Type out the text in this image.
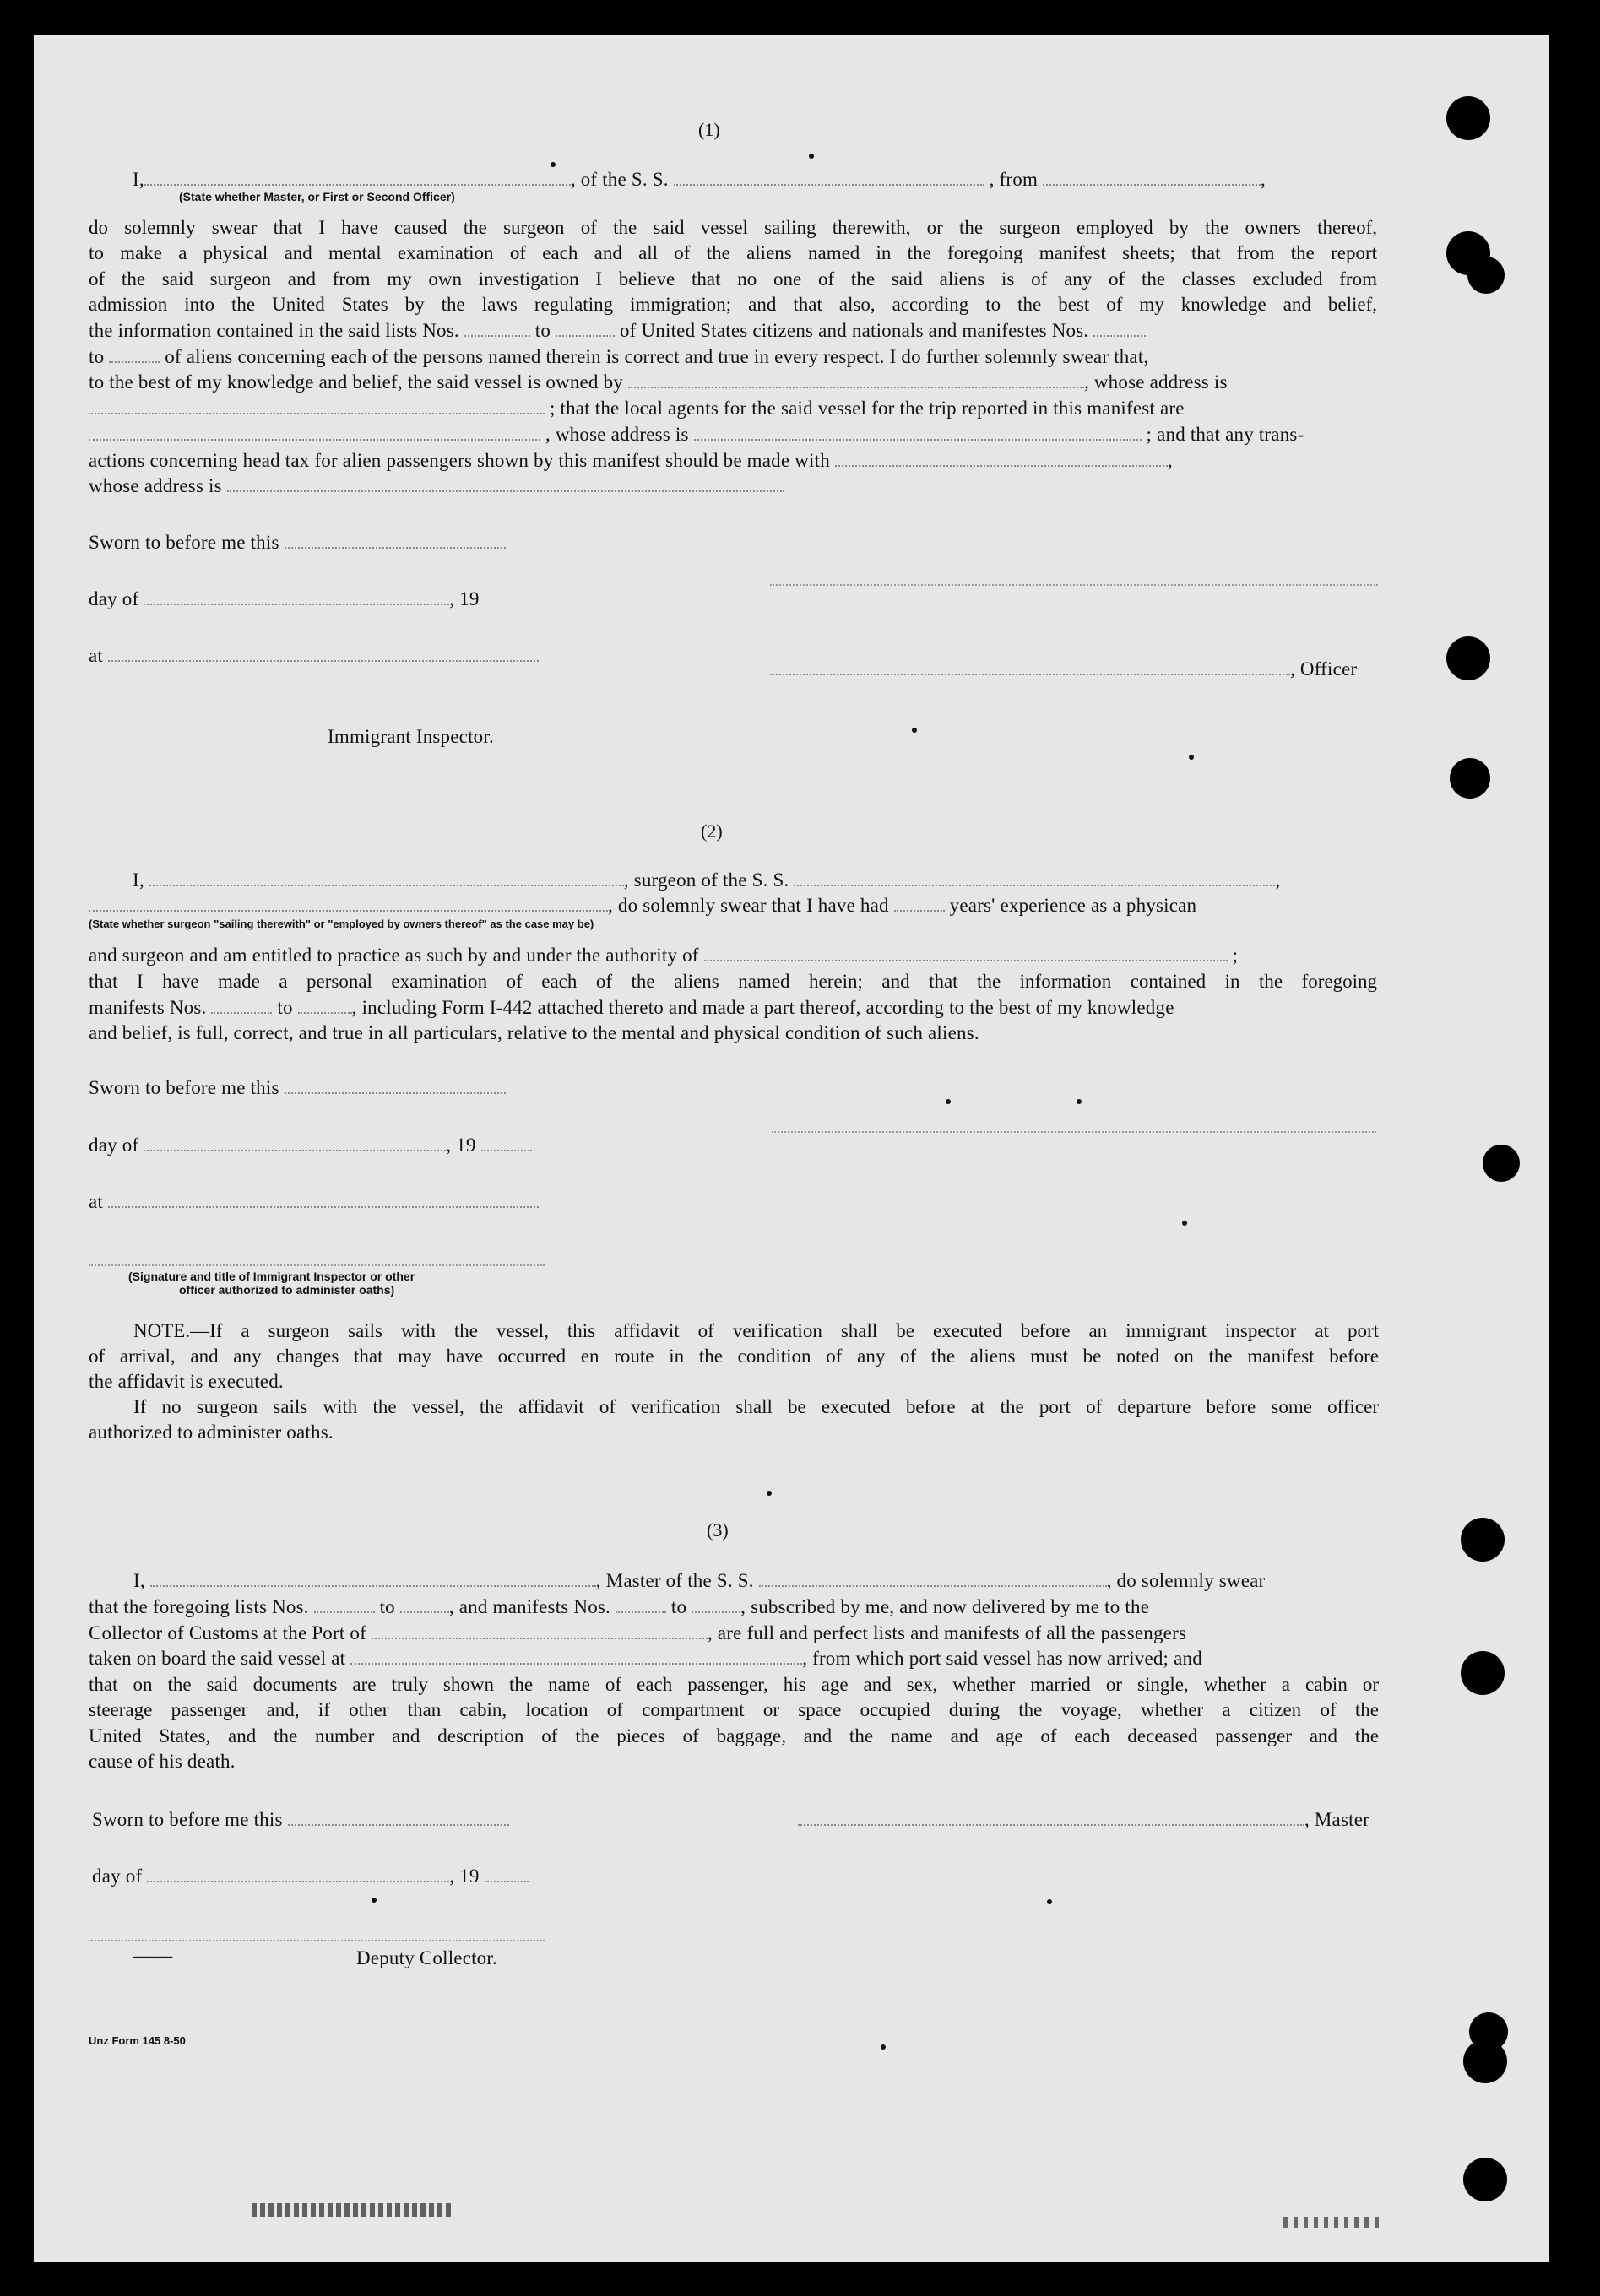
(1)
I,	, of the S. S.	, from	,
(State whether Master, or First or Second Officer)
do solemnly swear that I have caused the surgeon of the said vessel sailing therewith, or the surgeon employed by the owners thereof,
to make a physical and mental examination of each and all of the aliens named in the foregoing manifest sheets; that from the report
of the said surgeon and from my own investigation I believe that no one of the said aliens is of any of the classes excluded from
admission into the United States by the laws regulating immigration; and that also, according to the best of my knowledge and belief,
the information contained in the said lists Nos.	to	of United States citizens and nationals and manifestes Nos.
to	of aliens concerning each of the persons named therein is correct and true in every respect. I do further solemnly swear that,
to the best of my knowledge and belief, the said vessel is owned by	, whose address is
; that the local agents for the said vessel for the trip reported in this manifest are
, whose address is	; and that any trans-
actions concerning head tax for alien passengers shown by this manifest should be made with	,
whose address is
Sworn to before me this
day of	, 19
at
, Officer
Immigrant Inspector.
(2)
I,	, surgeon of the S. S.	,
, do solemnly swear that I have had	years' experience as a physican
(State whether surgeon "sailing therewith" or "employed by owners thereof" as the case may be)
and surgeon and am entitled to practice as such by and under the authority of	;
that I have made a personal examination of each of the aliens named herein; and that the information contained in the foregoing
manifests Nos.	to	, including Form I-442 attached thereto and made a part thereof, according to the best of my knowledge
and belief, is full, correct, and true in all particulars, relative to the mental and physical condition of such aliens.
Sworn to before me this
day of	, 19
at
(Signature and title of Immigrant Inspector or other
officer authorized to administer oaths)
NOTE.—If a surgeon sails with the vessel, this affidavit of verification shall be executed before an immigrant inspector at port
of arrival, and any changes that may have occurred en route in the condition of any of the aliens must be noted on the manifest before
the affidavit is executed.
If no surgeon sails with the vessel, the affidavit of verification shall be executed before at the port of departure before some officer
authorized to administer oaths.
(3)
I,	, Master of the S. S.	, do solemnly swear
that the foregoing lists Nos.	to	, and manifests Nos.	to	, subscribed by me, and now delivered by me to the
Collector of Customs at the Port of	, are full and perfect lists and manifests of all the passengers
taken on board the said vessel at	, from which port said vessel has now arrived; and
that on the said documents are truly shown the name of each passenger, his age and sex, whether married or single, whether a cabin or
steerage passenger and, if other than cabin, location of compartment or space occupied during the voyage, whether a citizen of the
United States, and the number and description of the pieces of baggage, and the name and age of each deceased passenger and the
cause of his death.
Sworn to before me this	, Master
day of	, 19
——	Deputy Collector.
Unz Form 145 8-50
